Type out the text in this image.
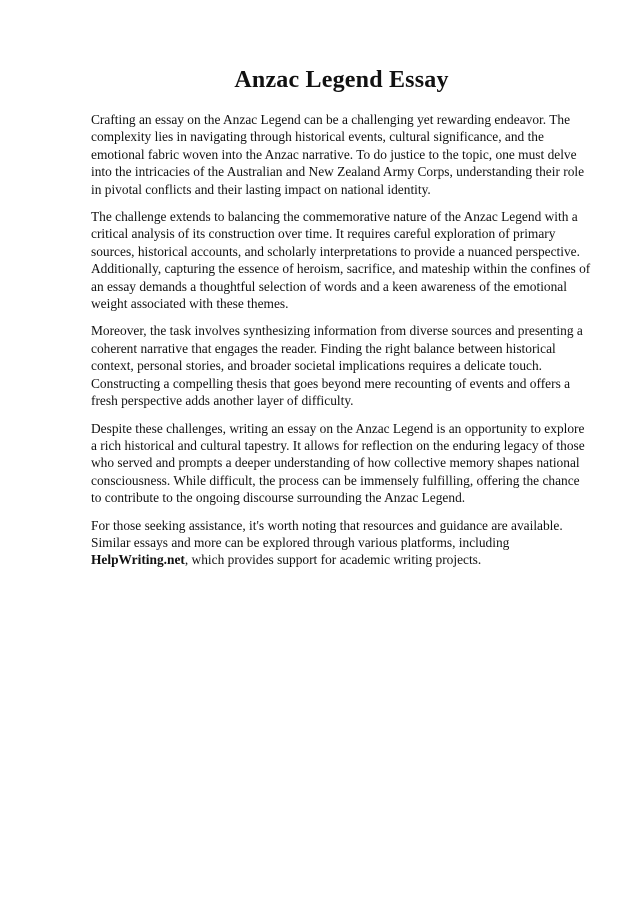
Anzac Legend Essay

Crafting an essay on the Anzac Legend can be a challenging yet rewarding endeavor. The complexity lies in navigating through historical events, cultural significance, and the emotional fabric woven into the Anzac narrative. To do justice to the topic, one must delve into the intricacies of the Australian and New Zealand Army Corps, understanding their role in pivotal conflicts and their lasting impact on national identity.

The challenge extends to balancing the commemorative nature of the Anzac Legend with a critical analysis of its construction over time. It requires careful exploration of primary sources, historical accounts, and scholarly interpretations to provide a nuanced perspective. Additionally, capturing the essence of heroism, sacrifice, and mateship within the confines of an essay demands a thoughtful selection of words and a keen awareness of the emotional weight associated with these themes.

Moreover, the task involves synthesizing information from diverse sources and presenting a coherent narrative that engages the reader. Finding the right balance between historical context, personal stories, and broader societal implications requires a delicate touch. Constructing a compelling thesis that goes beyond mere recounting of events and offers a fresh perspective adds another layer of difficulty.

Despite these challenges, writing an essay on the Anzac Legend is an opportunity to explore a rich historical and cultural tapestry. It allows for reflection on the enduring legacy of those who served and prompts a deeper understanding of how collective memory shapes national consciousness. While difficult, the process can be immensely fulfilling, offering the chance to contribute to the ongoing discourse surrounding the Anzac Legend.

For those seeking assistance, it's worth noting that resources and guidance are available. Similar essays and more can be explored through various platforms, including HelpWriting.net, which provides support for academic writing projects.
